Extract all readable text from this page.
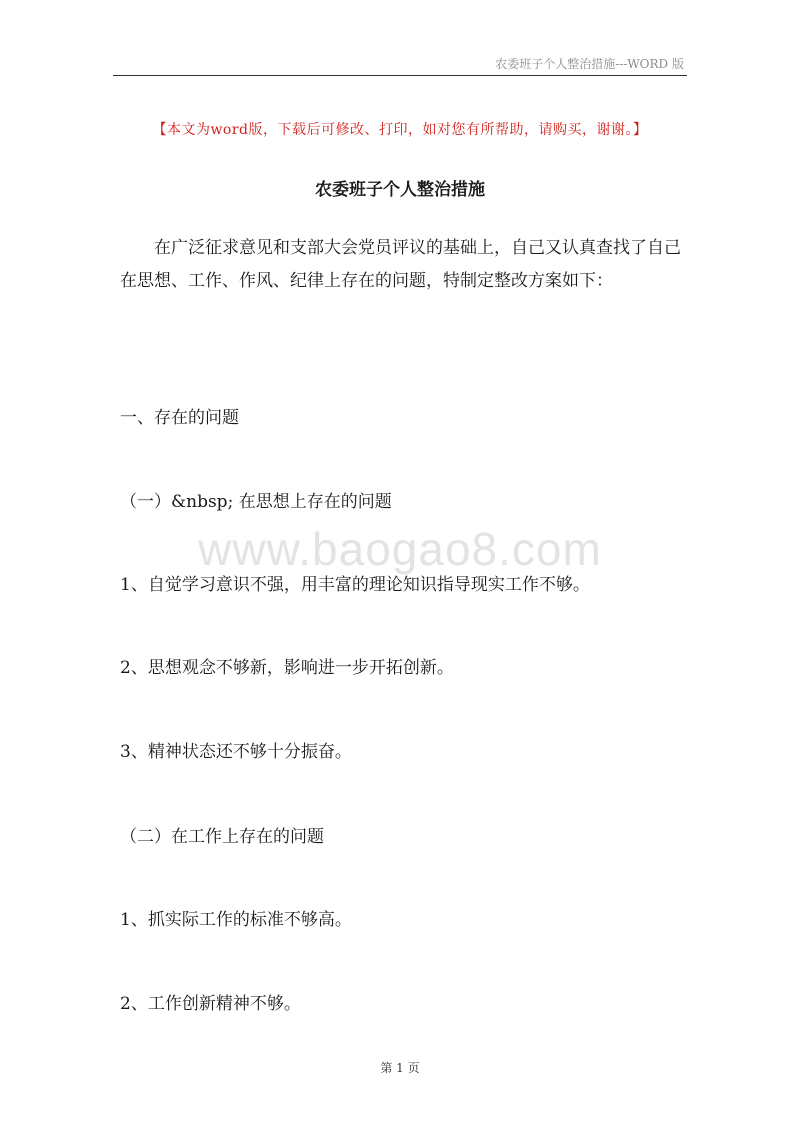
农委班子个人整治措施---WORD 版
【本文为word版，下载后可修改、打印，如对您有所帮助，请购买，谢谢。】
农委班子个人整治措施

在广泛征求意见和支部大会党员评议的基础上，自己又认真查找了自己在思想、工作、作风、纪律上存在的问题，特制定整改方案如下：

一、存在的问题
（一）&nbsp; 在思想上存在的问题
www.baogao8.com
1、自觉学习意识不强，用丰富的理论知识指导现实工作不够。
2、思想观念不够新，影响进一步开拓创新。
3、精神状态还不够十分振奋。
（二）在工作上存在的问题
1、抓实际工作的标准不够高。
2、工作创新精神不够。
第 1 页
